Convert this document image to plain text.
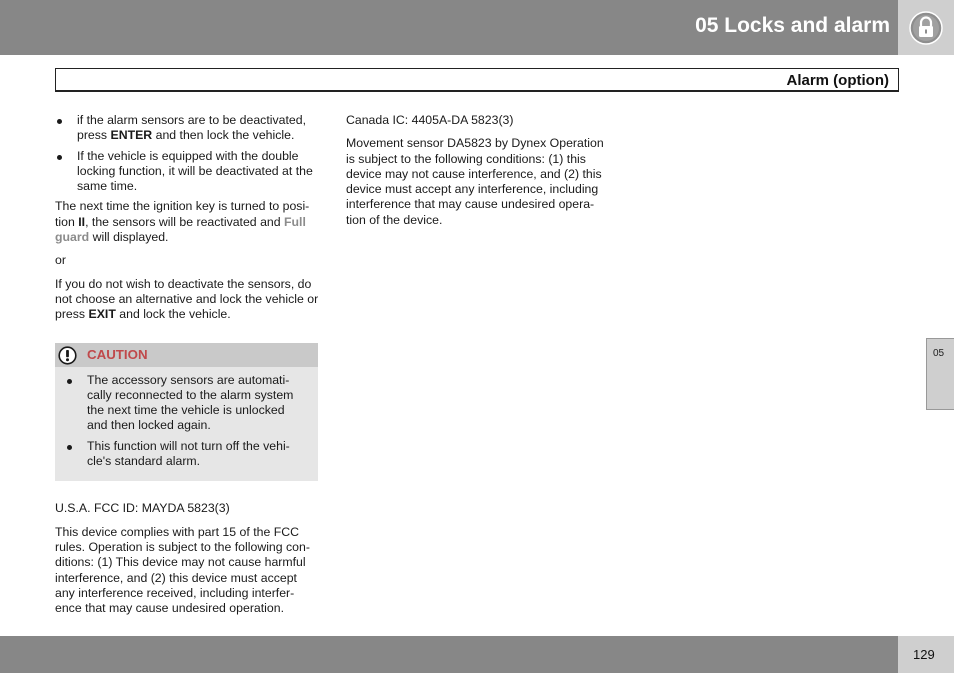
05 Locks and alarm
Alarm (option)
if the alarm sensors are to be deactivated, press ENTER and then lock the vehicle.
If the vehicle is equipped with the double locking function, it will be deactivated at the same time.

The next time the ignition key is turned to posi-tion II, the sensors will be reactivated and Full guard will displayed.

or

If you do not wish to deactivate the sensors, do not choose an alternative and lock the vehicle or press EXIT and lock the vehicle.

CAUTION
The accessory sensors are automati-cally reconnected to the alarm system the next time the vehicle is unlocked and then locked again.
This function will not turn off the vehi-cle's standard alarm.

U.S.A. FCC ID: MAYDA 5823(3)

This device complies with part 15 of the FCC rules. Operation is subject to the following con-ditions: (1) This device may not cause harmful interference, and (2) this device must accept any interference received, including interfer-ence that may cause undesired operation.

Canada IC: 4405A-DA 5823(3)

Movement sensor DA5823 by Dynex Operation is subject to the following conditions: (1) this device may not cause interference, and (2) this device must accept any interference, including interference that may cause undesired opera-tion of the device.

05
129
